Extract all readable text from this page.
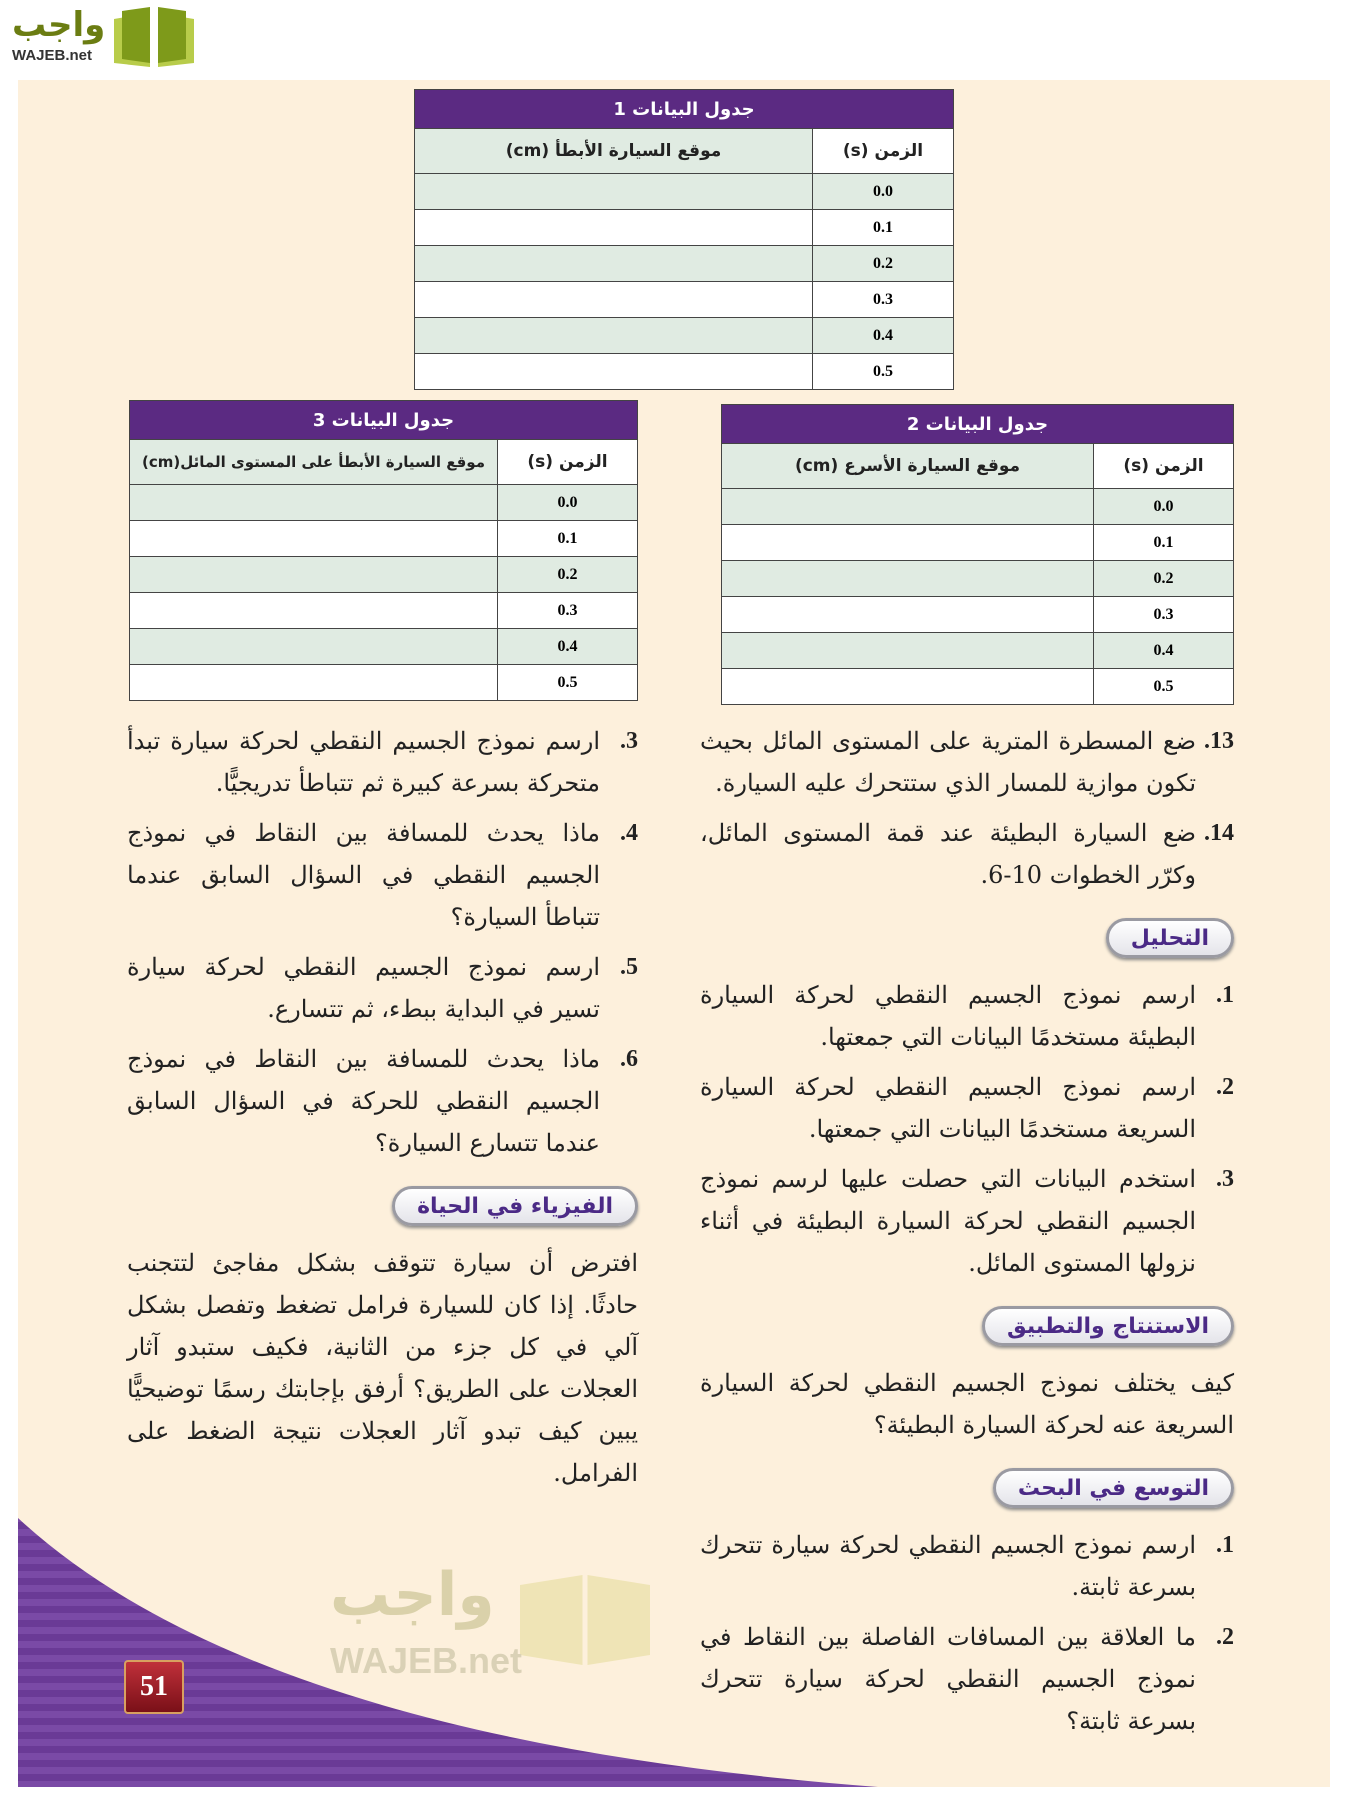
واجب
WAJEB.net
واجب
WAJEB.net
جدول البيانات 1	
الزمن (s)	موقع السيارة الأبطأ (cm)
0.0	
0.1	
0.2	
0.3	
0.4	
0.5	
جدول البيانات 2	
الزمن (s)	موقع السيارة الأسرع (cm)
0.0	
0.1	
0.2	
0.3	
0.4	
0.5	
جدول البيانات 3	
الزمن (s)	موقع السيارة الأبطأ على المستوى المائل(cm)
0.0	
0.1	
0.2	
0.3	
0.4	
0.5	
13.
ضع المسطرة المترية على المستوى المائل بحيث تكون موازية للمسار الذي ستتحرك عليه السيارة.
14.
ضع السيارة البطيئة عند قمة المستوى المائل، وكرّر الخطوات 10-6.
التحليل
1.
ارسم نموذج الجسيم النقطي لحركة السيارة البطيئة مستخدمًا البيانات التي جمعتها.
2.
ارسم نموذج الجسيم النقطي لحركة السيارة السريعة مستخدمًا البيانات التي جمعتها.
3.
استخدم البيانات التي حصلت عليها لرسم نموذج الجسيم النقطي لحركة السيارة البطيئة في أثناء نزولها المستوى المائل.
الاستنتاج والتطبيق
كيف يختلف نموذج الجسيم النقطي لحركة السيارة السريعة عنه لحركة السيارة البطيئة؟
التوسع في البحث
1.
ارسم نموذج الجسيم النقطي لحركة سيارة تتحرك بسرعة ثابتة.
2.
ما العلاقة بين المسافات الفاصلة بين النقاط في نموذج الجسيم النقطي لحركة سيارة تتحرك بسرعة ثابتة؟
3.
ارسم نموذج الجسيم النقطي لحركة سيارة تبدأ متحركة بسرعة كبيرة ثم تتباطأ تدريجيًّا.
4.
ماذا يحدث للمسافة بين النقاط في نموذج الجسيم النقطي في السؤال السابق عندما تتباطأ السيارة؟
5.
ارسم نموذج الجسيم النقطي لحركة سيارة تسير في البداية ببطء، ثم تتسارع.
6.
ماذا يحدث للمسافة بين النقاط في نموذج الجسيم النقطي للحركة في السؤال السابق عندما تتسارع السيارة؟
الفيزياء في الحياة
افترض أن سيارة تتوقف بشكل مفاجئ لتتجنب حادثًا. إذا كان للسيارة فرامل تضغط وتفصل بشكل آلي في كل جزء من الثانية، فكيف ستبدو آثار العجلات على الطريق؟ أرفق بإجابتك رسمًا توضيحيًّا يبين كيف تبدو آثار العجلات نتيجة الضغط على الفرامل.
51
